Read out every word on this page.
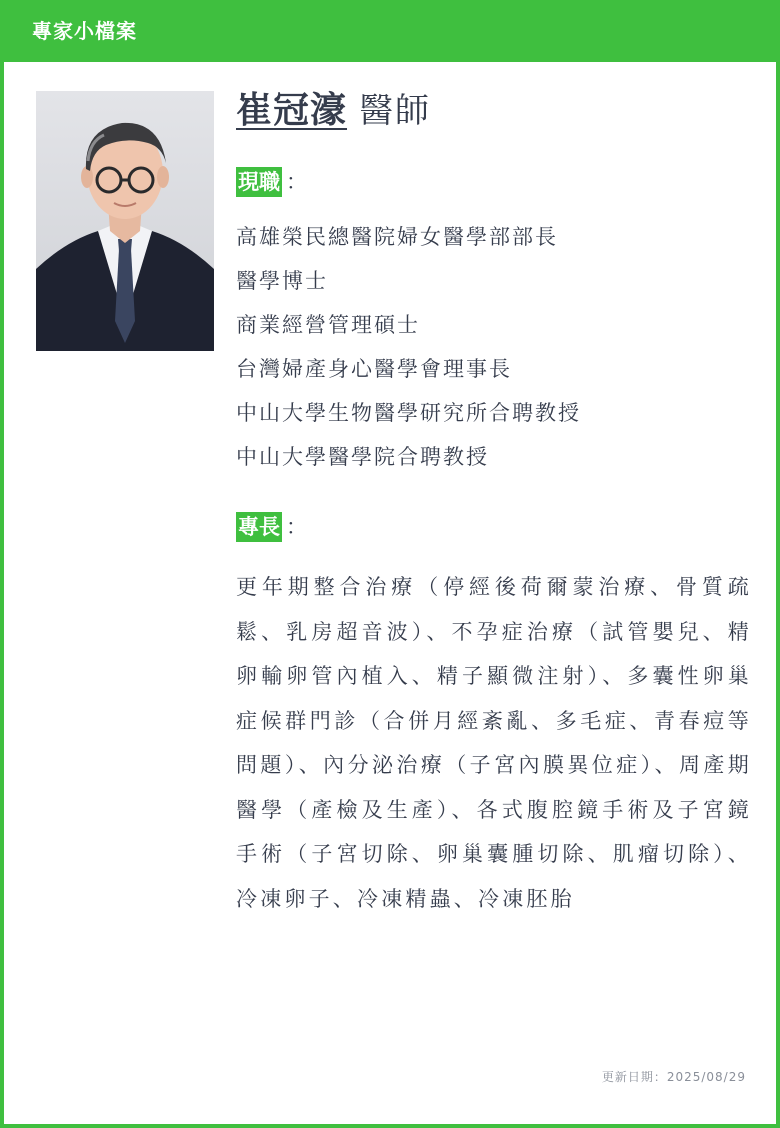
專家小檔案
崔冠濠 醫師
現職 ：
高雄榮民總醫院婦女醫學部部長
醫學博士
商業經營管理碩士
台灣婦產身心醫學會理事長
中山大學生物醫學研究所合聘教授
中山大學醫學院合聘教授
專長 ：
更年期整合治療（停經後荷爾蒙治療、骨質疏鬆、乳房超音波）、不孕症治療（試管嬰兒、精卵輸卵管內植入、精子顯微注射）、多囊性卵巢症候群門診（合併月經紊亂、多毛症、青春痘等問題）、內分泌治療（子宮內膜異位症）、周產期醫學（產檢及生產）、各式腹腔鏡手術及子宮鏡手術（子宮切除、卵巢囊腫切除、肌瘤切除）、冷凍卵子、冷凍精蟲、冷凍胚胎
更新日期：2025/08/29
